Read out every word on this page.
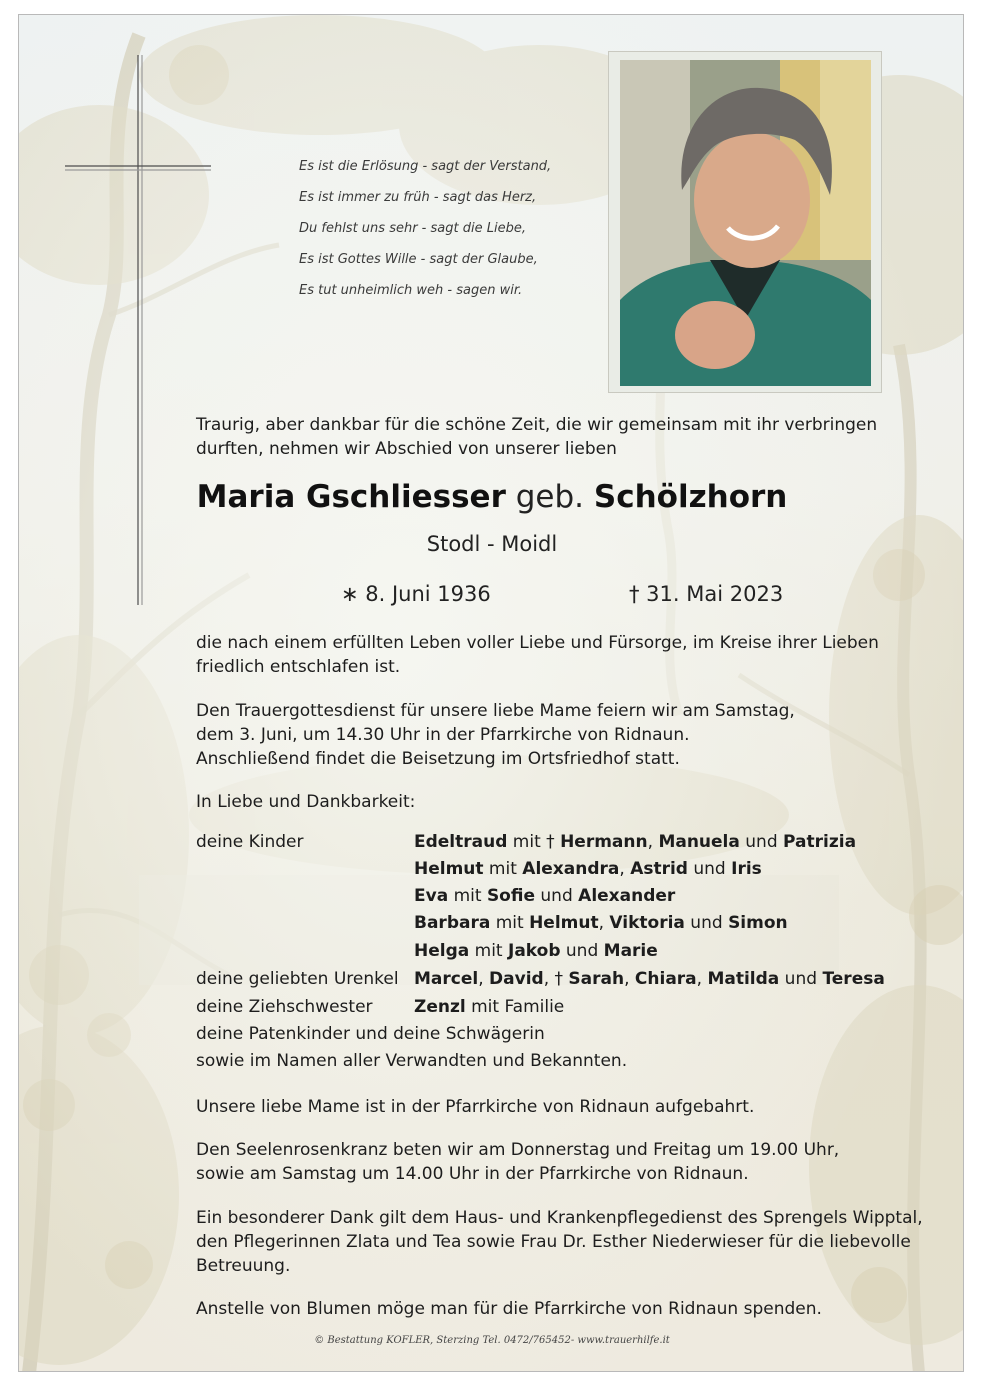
Es ist die Erlösung - sagt der Verstand,
Es ist immer zu früh - sagt das Herz,
Du fehlst uns sehr - sagt die Liebe,
Es ist Gottes Wille - sagt der Glaube,
Es tut unheimlich weh - sagen wir.
Traurig, aber dankbar für die schöne Zeit, die wir gemeinsam mit ihr verbringen
durften, nehmen wir Abschied von unserer lieben
Maria Gschliesser geb. Schölzhorn
Stodl - Moidl
∗ 8. Juni 1936	† 31. Mai 2023
die nach einem erfüllten Leben voller Liebe und Fürsorge, im Kreise ihrer Lieben
friedlich entschlafen ist.
Den Trauergottesdienst für unsere liebe Mame feiern wir am Samstag,
dem 3. Juni, um 14.30 Uhr in der Pfarrkirche von Ridnaun.
Anschließend findet die Beisetzung im Ortsfriedhof statt.
In Liebe und Dankbarkeit:
deine Kinder	Edeltraud mit † Hermann, Manuela und Patrizia
Helmut mit Alexandra, Astrid und Iris
Eva mit Sofie und Alexander
Barbara mit Helmut, Viktoria und Simon
Helga mit Jakob und Marie
deine geliebten Urenkel Marcel, David, † Sarah, Chiara, Matilda und Teresa
deine Ziehschwester Zenzl mit Familie
deine Patenkinder und deine Schwägerin
sowie im Namen aller Verwandten und Bekannten.
Unsere liebe Mame ist in der Pfarrkirche von Ridnaun aufgebahrt.
Den Seelenrosenkranz beten wir am Donnerstag und Freitag um 19.00 Uhr,
sowie am Samstag um 14.00 Uhr in der Pfarrkirche von Ridnaun.
Ein besonderer Dank gilt dem Haus- und Krankenpflegedienst des Sprengels Wipptal,
den Pflegerinnen Zlata und Tea sowie Frau Dr. Esther Niederwieser für die liebevolle
Betreuung.
Anstelle von Blumen möge man für die Pfarrkirche von Ridnaun spenden.
© Bestattung KOFLER, Sterzing Tel. 0472/765452- www.trauerhilfe.it
